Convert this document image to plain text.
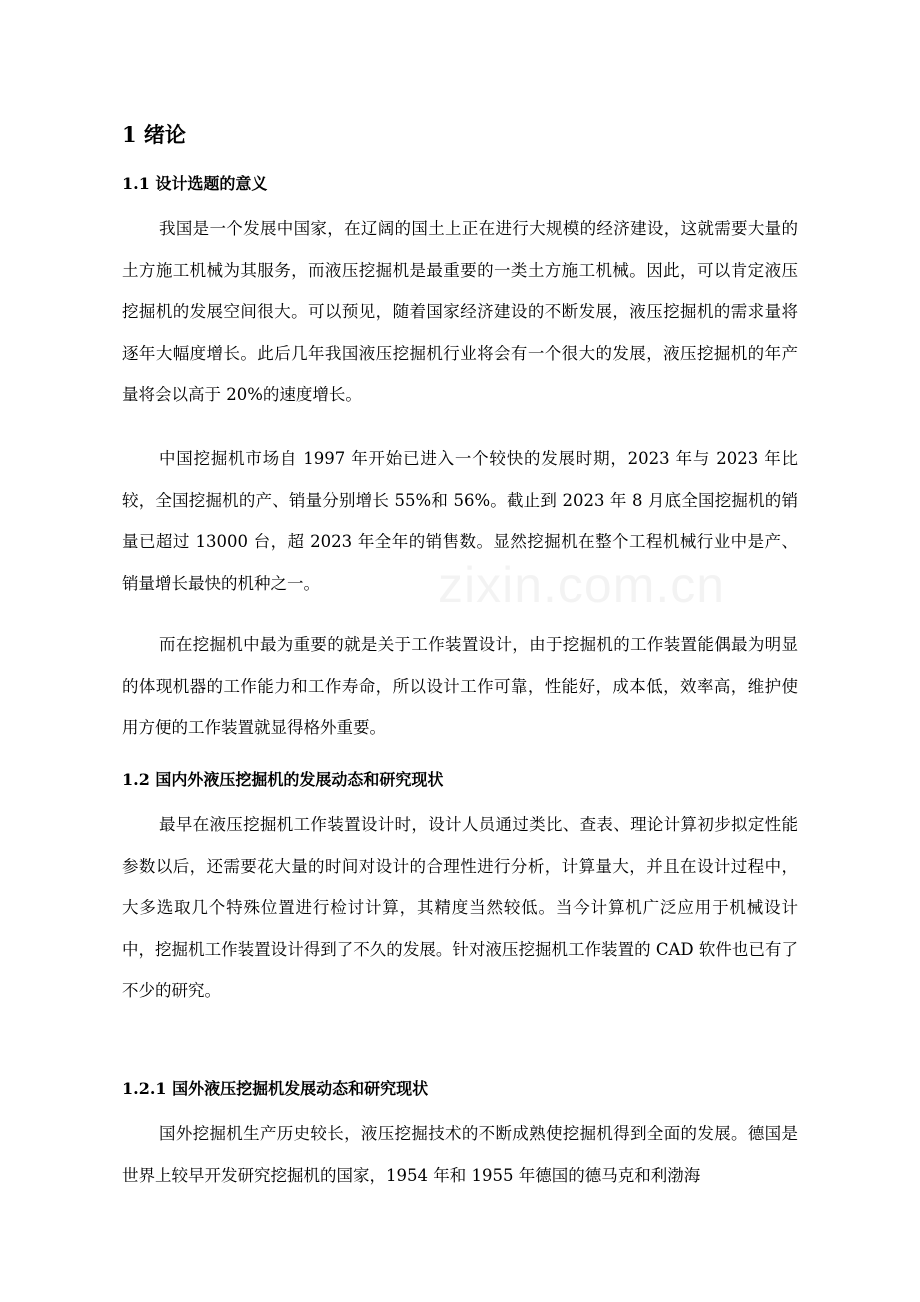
1 绪论
1.1 设计选题的意义

我国是一个发展中国家，在辽阔的国土上正在进行大规模的经济建设，这就需要大量的土方施工机械为其服务，而液压挖掘机是最重要的一类土方施工机械。因此，可以肯定液压挖掘机的发展空间很大。可以预见，随着国家经济建设的不断发展，液压挖掘机的需求量将逐年大幅度增长。此后几年我国液压挖掘机行业将会有一个很大的发展，液压挖掘机的年产量将会以高于 20%的速度增长。

中国挖掘机市场自 1997 年开始已进入一个较快的发展时期，2023 年与 2023 年比较，全国挖掘机的产、销量分别增长 55%和 56%。截止到 2023 年 8 月底全国挖掘机的销量已超过 13000 台，超 2023 年全年的销售数。显然挖掘机在整个工程机械行业中是产、销量增长最快的机种之一。

而在挖掘机中最为重要的就是关于工作装置设计，由于挖掘机的工作装置能偶最为明显的体现机器的工作能力和工作寿命，所以设计工作可靠，性能好，成本低，效率高，维护使用方便的工作装置就显得格外重要。

1.2 国内外液压挖掘机的发展动态和研究现状

最早在液压挖掘机工作装置设计时，设计人员通过类比、查表、理论计算初步拟定性能参数以后，还需要花大量的时间对设计的合理性进行分析，计算量大，并且在设计过程中，大多选取几个特殊位置进行检讨计算，其精度当然较低。当今计算机广泛应用于机械设计中，挖掘机工作装置设计得到了不久的发展。针对液压挖掘机工作装置的 CAD 软件也已有了不少的研究。

1.2.1 国外液压挖掘机发展动态和研究现状

国外挖掘机生产历史较长，液压挖掘技术的不断成熟使挖掘机得到全面的发展。德国是世界上较早开发研究挖掘机的国家，1954 年和 1955 年德国的德马克和利渤海
